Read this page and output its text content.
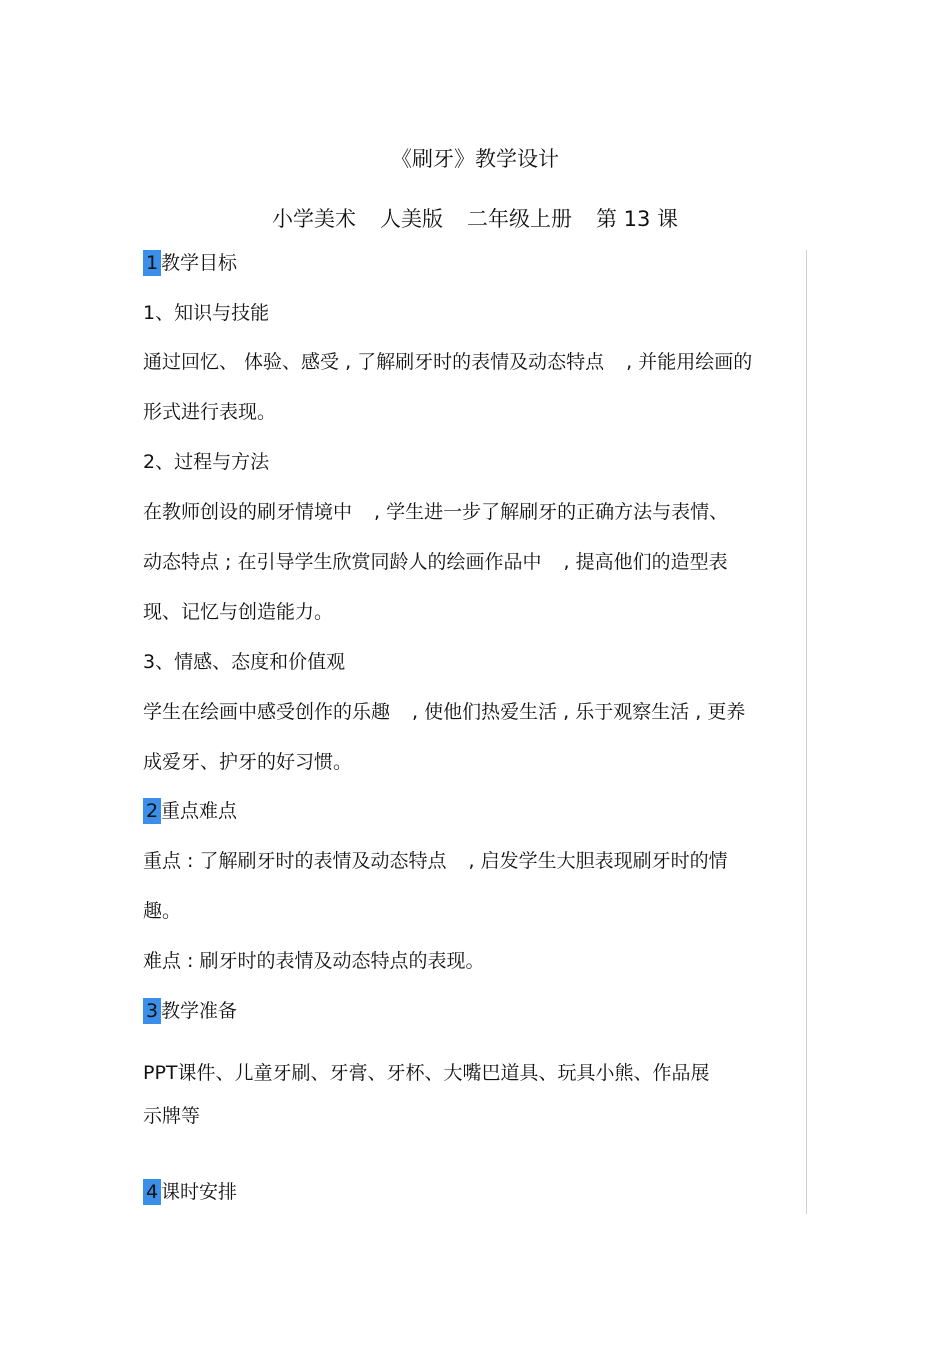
《刷牙》教学设计
小学美术 人美版 二年级上册 第 13 课
1 教学目标
1、知识与技能
通过回忆、 体验、感受 , 了解刷牙时的表情及动态特点 , 并能用绘画的
形式进行表现。
2、过程与方法
在教师创设的刷牙情境中 , 学生进一步了解刷牙的正确方法与表情、
动态特点 ; 在引导学生欣赏同龄人的绘画作品中 , 提高他们的造型表
现、记忆与创造能力。
3、情感、态度和价值观
学生在绘画中感受创作的乐趣 , 使他们热爱生活 , 乐于观察生活 , 更养
成爱牙、护牙的好习惯。
2 重点难点
重点 : 了解刷牙时的表情及动态特点 , 启发学生大胆表现刷牙时的情
趣。
难点 : 刷牙时的表情及动态特点的表现。
3 教学准备
PPT课件、儿童牙刷、牙膏、牙杯、大嘴巴道具、玩具小熊、作品展
示牌等
4 课时安排
